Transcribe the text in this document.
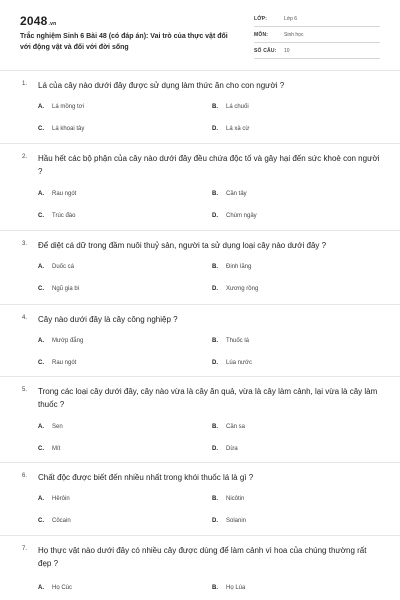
2048.vn
Trắc nghiệm Sinh 6 Bài 48 (có đáp án): Vai trò của thực vật đối với động vật và đối với đời sống
LỚP:	Lớp 6
MÔN:	Sinh học
SỐ CÂU: 10
1. Lá của cây nào dưới đây được sử dụng làm thức ăn cho con người ?
A. Lá mồng tơi	B. Lá chuối
C. Lá khoai tây	D. Lá xà cừ
2. Hầu hết các bộ phận của cây nào dưới đây đều chứa độc tố và gây hại đến sức khoẻ con người ?
A. Rau ngót	B. Cần tây
C. Trúc đào	D. Chùm ngây
3. Để diệt cá dữ trong đầm nuôi thuỷ sản, người ta sử dụng loại cây nào dưới đây ?
A. Duốc cá	B. Đinh lăng
C. Ngũ gia bì	D. Xương rồng
4. Cây nào dưới đây là cây công nghiệp ?
A. Mướp đắng	B. Thuốc lá
C. Rau ngót	D. Lúa nước
5. Trong các loại cây dưới đây, cây nào vừa là cây ăn quả, vừa là cây làm cảnh, lại vừa là cây làm thuốc ?
A. Sen	B. Cần sa
C. Mít	D. Dừa
6. Chất độc được biết đến nhiều nhất trong khói thuốc lá là gì ?
A. Hêrôin	B. Nicôtin
C. Côcain	D. Solanin
7. Họ thực vật nào dưới đây có nhiều cây được dùng để làm cảnh vì hoa của chúng thường rất đẹp ?
A. Họ Cúc	B. Họ Lúa
